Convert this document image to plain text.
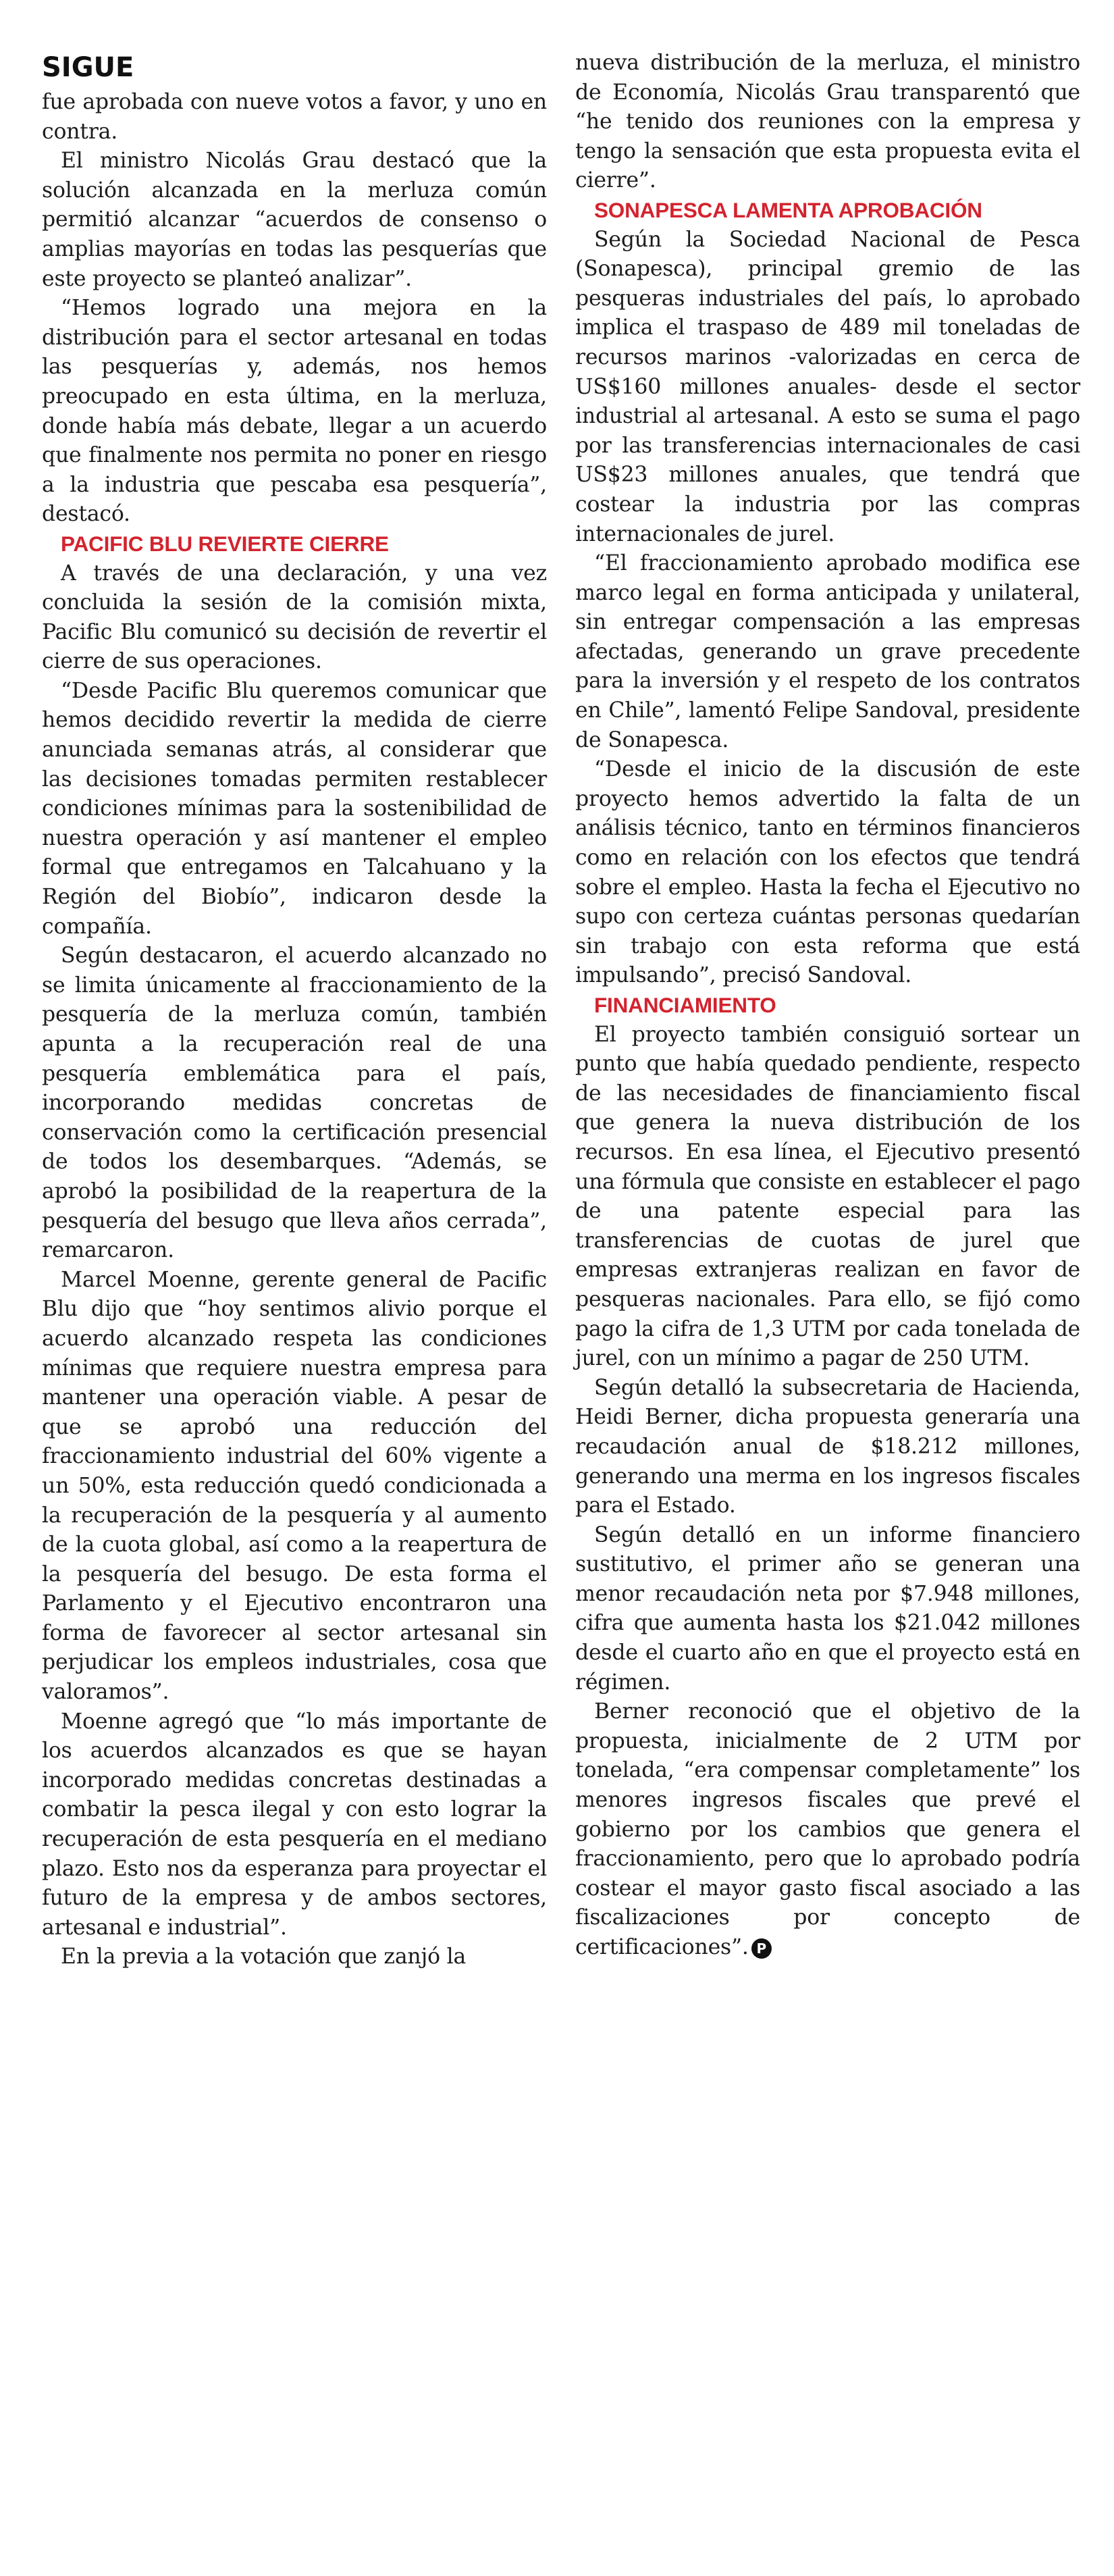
SIGUE

fue aprobada con nueve votos a favor, y uno en contra.

El ministro Nicolás Grau destacó que la solución alcanzada en la merluza común permitió alcanzar “acuerdos de consenso o amplias mayorías en todas las pesquerías que este proyecto se planteó analizar”.

“Hemos logrado una mejora en la distribución para el sector artesanal en todas las pesquerías y, además, nos hemos preocupado en esta última, en la merluza, donde había más debate, llegar a un acuerdo que finalmente nos permita no poner en riesgo a la industria que pescaba esa pesquería”, destacó.

PACIFIC BLU REVIERTE CIERRE

A través de una declaración, y una vez concluida la sesión de la comisión mixta, Pacific Blu comunicó su decisión de revertir el cierre de sus operaciones.

“Desde Pacific Blu queremos comunicar que hemos decidido revertir la medida de cierre anunciada semanas atrás, al considerar que las decisiones tomadas permiten restablecer condiciones mínimas para la sostenibilidad de nuestra operación y así mantener el empleo formal que entregamos en Talcahuano y la Región del Biobío”, indicaron desde la compañía.

Según destacaron, el acuerdo alcanzado no se limita únicamente al fraccionamiento de la pesquería de la merluza común, también apunta a la recuperación real de una pesquería emblemática para el país, incorporando medidas concretas de conservación como la certificación presencial de todos los desembarques. “Además, se aprobó la posibilidad de la reapertura de la pesquería del besugo que lleva años cerrada”, remarcaron.

Marcel Moenne, gerente general de Pacific Blu dijo que “hoy sentimos alivio porque el acuerdo alcanzado respeta las condiciones mínimas que requiere nuestra empresa para mantener una operación viable. A pesar de que se aprobó una reducción del fraccionamiento industrial del 60% vigente a un 50%, esta reducción quedó condicionada a la recuperación de la pesquería y al aumento de la cuota global, así como a la reapertura de la pesquería del besugo. De esta forma el Parlamento y el Ejecutivo encontraron una forma de favorecer al sector artesanal sin perjudicar los empleos industriales, cosa que valoramos”.

Moenne agregó que “lo más importante de los acuerdos alcanzados es que se hayan incorporado medidas concretas destinadas a combatir la pesca ilegal y con esto lograr la recuperación de esta pesquería en el mediano plazo. Esto nos da esperanza para proyectar el futuro de la empresa y de ambos sectores, artesanal e industrial”.

En la previa a la votación que zanjó la

nueva distribución de la merluza, el ministro de Economía, Nicolás Grau transparentó que “he tenido dos reuniones con la empresa y tengo la sensación que esta propuesta evita el cierre”.

SONAPESCA LAMENTA APROBACIÓN

Según la Sociedad Nacional de Pesca (Sonapesca), principal gremio de las pesqueras industriales del país, lo aprobado implica el traspaso de 489 mil toneladas de recursos marinos -valorizadas en cerca de US$160 millones anuales- desde el sector industrial al artesanal. A esto se suma el pago por las transferencias internacionales de casi US$23 millones anuales, que tendrá que costear la industria por las compras internacionales de jurel.

“El fraccionamiento aprobado modifica ese marco legal en forma anticipada y unilateral, sin entregar compensación a las empresas afectadas, generando un grave precedente para la inversión y el respeto de los contratos en Chile”, lamentó Felipe Sandoval, presidente de Sonapesca.

“Desde el inicio de la discusión de este proyecto hemos advertido la falta de un análisis técnico, tanto en términos financieros como en relación con los efectos que tendrá sobre el empleo. Hasta la fecha el Ejecutivo no supo con certeza cuántas personas quedarían sin trabajo con esta reforma que está impulsando”, precisó Sandoval.

FINANCIAMIENTO

El proyecto también consiguió sortear un punto que había quedado pendiente, respecto de las necesidades de financiamiento fiscal que genera la nueva distribución de los recursos. En esa línea, el Ejecutivo presentó una fórmula que consiste en establecer el pago de una patente especial para las transferencias de cuotas de jurel que empresas extranjeras realizan en favor de pesqueras nacionales. Para ello, se fijó como pago la cifra de 1,3 UTM por cada tonelada de jurel, con un mínimo a pagar de 250 UTM.

Según detalló la subsecretaria de Hacienda, Heidi Berner, dicha propuesta generaría una recaudación anual de $18.212 millones, generando una merma en los ingresos fiscales para el Estado.

Según detalló en un informe financiero sustitutivo, el primer año se generan una menor recaudación neta por $7.948 millones, cifra que aumenta hasta los $21.042 millones desde el cuarto año en que el proyecto está en régimen.

Berner reconoció que el objetivo de la propuesta, inicialmente de 2 UTM por tonelada, “era compensar completamente” los menores ingresos fiscales que prevé el gobierno por los cambios que genera el fraccionamiento, pero que lo aprobado podría costear el mayor gasto fiscal asociado a las fiscalizaciones por concepto de certificaciones”. P
